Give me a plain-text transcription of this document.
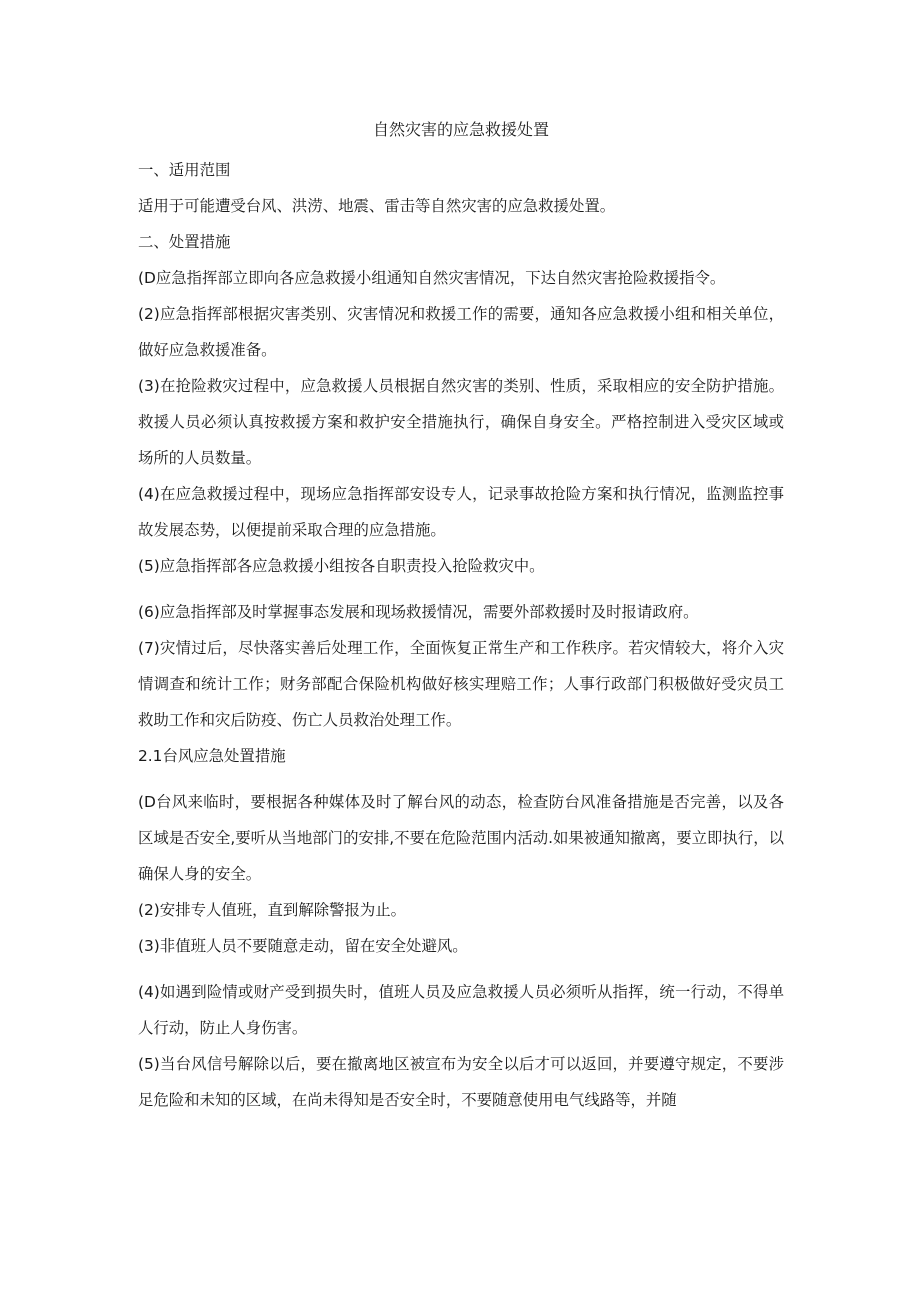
自然灾害的应急救援处置

一、适用范围

适用于可能遭受台风、洪涝、地震、雷击等自然灾害的应急救援处置。

二、处置措施

(D应急指挥部立即向各应急救援小组通知自然灾害情况，下达自然灾害抢险救援指令。

(2)应急指挥部根据灾害类别、灾害情况和救援工作的需要，通知各应急救援小组和相关单位，做好应急救援准备。

(3)在抢险救灾过程中，应急救援人员根据自然灾害的类别、性质，采取相应的安全防护措施。救援人员必须认真按救援方案和救护安全措施执行，确保自身安全。严格控制进入受灾区域或场所的人员数量。

(4)在应急救援过程中，现场应急指挥部安设专人，记录事故抢险方案和执行情况，监测监控事故发展态势，以便提前采取合理的应急措施。

(5)应急指挥部各应急救援小组按各自职责投入抢险救灾中。

(6)应急指挥部及时掌握事态发展和现场救援情况，需要外部救援时及时报请政府。

(7)灾情过后，尽快落实善后处理工作，全面恢复正常生产和工作秩序。若灾情较大，将介入灾情调查和统计工作；财务部配合保险机构做好核实理赔工作；人事行政部门积极做好受灾员工救助工作和灾后防疫、伤亡人员救治处理工作。

2.1台风应急处置措施

(D台风来临时，要根据各种媒体及时了解台风的动态，检查防台风准备措施是否完善，以及各区域是否安全,要听从当地部门的安排,不要在危险范围内活动.如果被通知撤离，要立即执行，以确保人身的安全。

(2)安排专人值班，直到解除警报为止。

(3)非值班人员不要随意走动，留在安全处避风。

(4)如遇到险情或财产受到损失时，值班人员及应急救援人员必须听从指挥，统一行动，不得单人行动，防止人身伤害。

(5)当台风信号解除以后，要在撤离地区被宣布为安全以后才可以返回，并要遵守规定，不要涉足危险和未知的区域，在尚未得知是否安全时，不要随意使用电气线路等，并随
